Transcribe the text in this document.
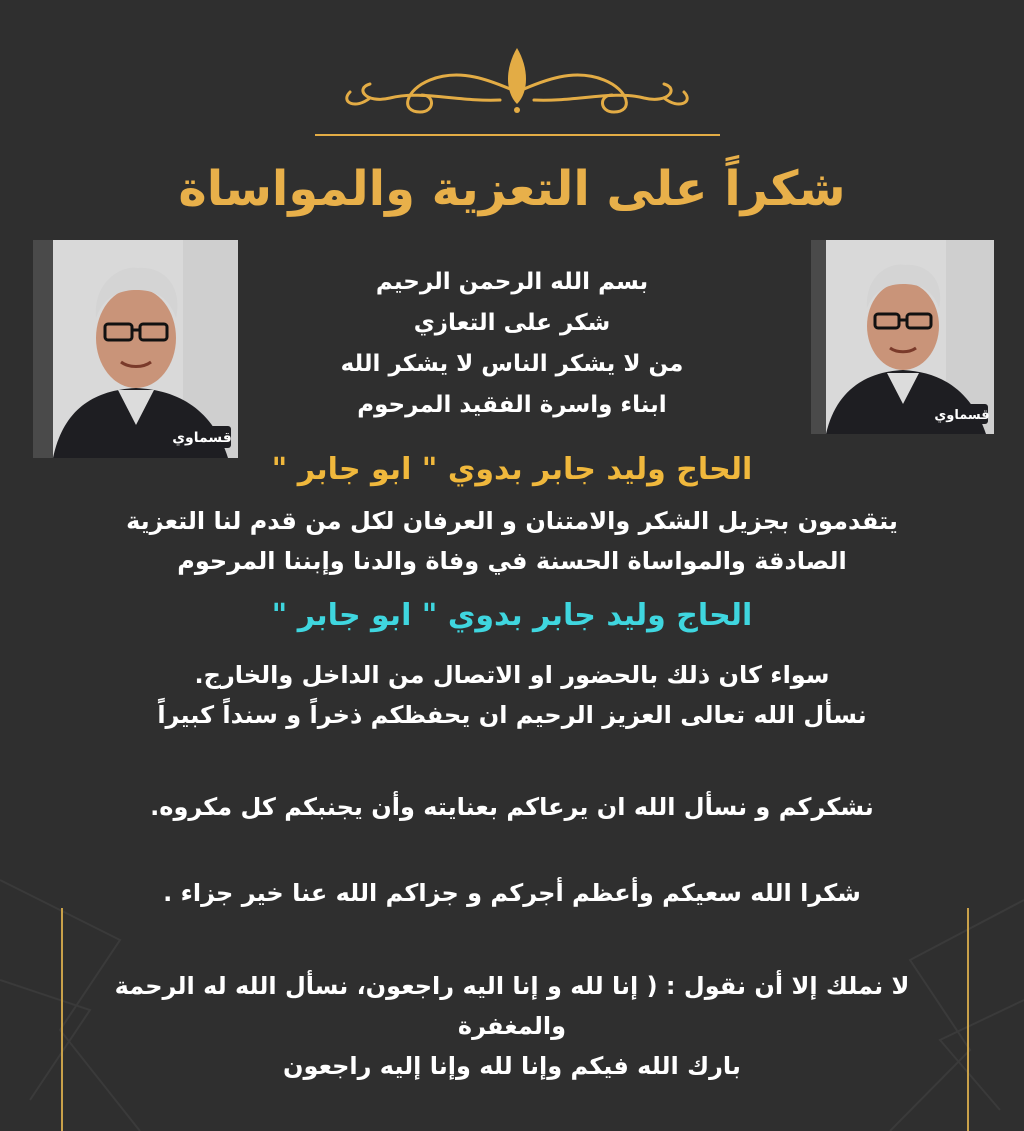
شكراً على التعزية والمواساة
قسماوي
قسماوي
بسم الله الرحمن الرحيم
شكر على التعازي
من لا يشكر الناس لا يشكر الله
ابناء واسرة الفقيد المرحوم
الحاج وليد جابر بدوي " ابو جابر "
يتقدمون بجزيل الشكر والامتنان و العرفان لكل من قدم لنا التعزية
الصادقة والمواساة الحسنة في وفاة والدنا وإبننا المرحوم
الحاج وليد جابر بدوي " ابو جابر "
سواء كان ذلك بالحضور او الاتصال من الداخل والخارج.
نسأل الله تعالى العزيز الرحيم ان يحفظكم ذخراً و سنداً كبيراً
نشكركم و نسأل الله ان يرعاكم بعنايته وأن يجنبكم كل مكروه.
شكرا الله سعيكم وأعظم أجركم و جزاكم الله عنا خير جزاء .
لا نملك إلا أن نقول : ( إنا لله و إنا اليه راجعون، نسأل الله له الرحمة
والمغفرة
بارك الله فيكم وإنا لله وإنا إليه راجعون
